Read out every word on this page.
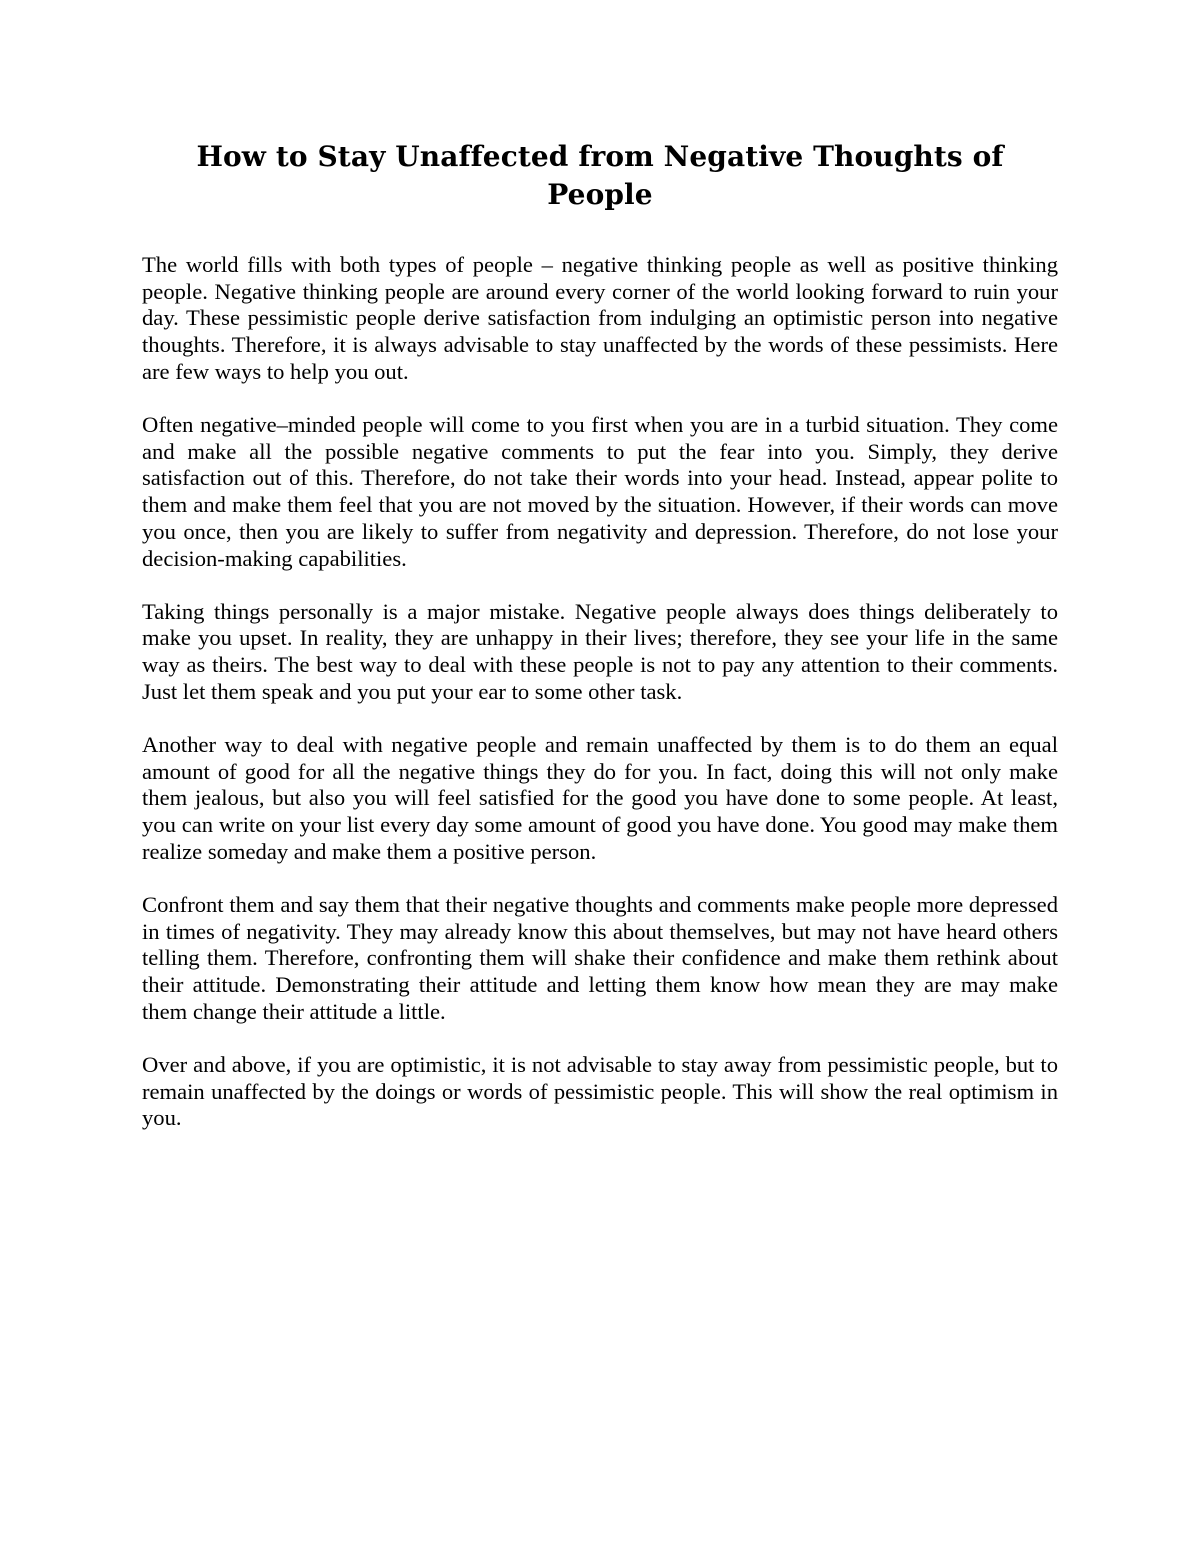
How to Stay Unaffected from Negative Thoughts of People

The world fills with both types of people – negative thinking people as well as positive thinking people. Negative thinking people are around every corner of the world looking forward to ruin your day. These pessimistic people derive satisfaction from indulging an optimistic person into negative thoughts. Therefore, it is always advisable to stay unaffected by the words of these pessimists. Here are few ways to help you out.

Often negative–minded people will come to you first when you are in a turbid situation. They come and make all the possible negative comments to put the fear into you. Simply, they derive satisfaction out of this. Therefore, do not take their words into your head. Instead, appear polite to them and make them feel that you are not moved by the situation. However, if their words can move you once, then you are likely to suffer from negativity and depression. Therefore, do not lose your decision-making capabilities.

Taking things personally is a major mistake. Negative people always does things deliberately to make you upset. In reality, they are unhappy in their lives; therefore, they see your life in the same way as theirs. The best way to deal with these people is not to pay any attention to their comments. Just let them speak and you put your ear to some other task.

Another way to deal with negative people and remain unaffected by them is to do them an equal amount of good for all the negative things they do for you. In fact, doing this will not only make them jealous, but also you will feel satisfied for the good you have done to some people. At least, you can write on your list every day some amount of good you have done. You good may make them realize someday and make them a positive person.

Confront them and say them that their negative thoughts and comments make people more depressed in times of negativity. They may already know this about themselves, but may not have heard others telling them. Therefore, confronting them will shake their confidence and make them rethink about their attitude. Demonstrating their attitude and letting them know how mean they are may make them change their attitude a little.

Over and above, if you are optimistic, it is not advisable to stay away from pessimistic people, but to remain unaffected by the doings or words of pessimistic people. This will show the real optimism in you.
